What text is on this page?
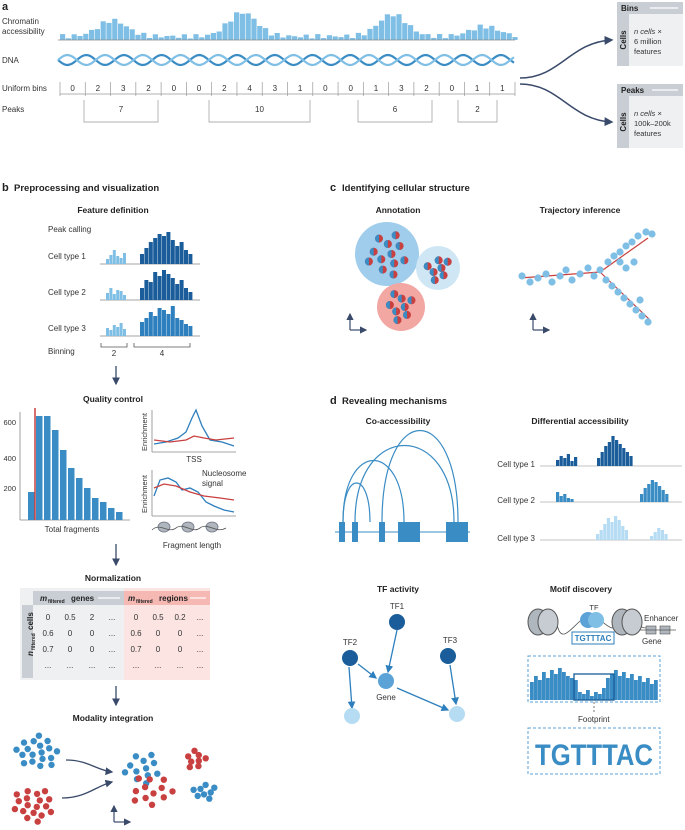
a
Chromatin
accessibility
DNA
Uniform bins
Peaks
0	2	3	2	0	0	2	4	3	1	0	0	1	3	2	0	1	1
7	10	6	2
Bins
Cells n cells ×
6 million
features
Peaks
Cells n cells ×
100k–200k
features
b Preprocessing and visualization
Feature definition
Peak calling
Cell type 1
Cell type 2
Cell type 3
Binning	2	4
Quality control
600
400
200
Total fragments
Enrichment
TSS
Nucleosome
signal
Enrichment
Fragment length
Normalization
m filtered genes	m filtered regions
n
filtered
cells 0 0.5 2 ... 0 0.5 0.2 ...
0.6 0 0 ... 0.6 0 0 ...
0.7 0 0 ... 0.7 0 0 ...
... ... ... ... ... ... ... ...
Modality integration
c Identifying cellular structure
Annotation	Trajectory inference
d Revealing mechanisms
Co-accessibility	Differential accessibility
Cell type 1
Cell type 2
Cell type 3
TF activity
TF1
TF2	TF3
Gene
Motif discovery
TF
TGTTTAC
Enhancer
Gene
Footprint
TGTTTAC
